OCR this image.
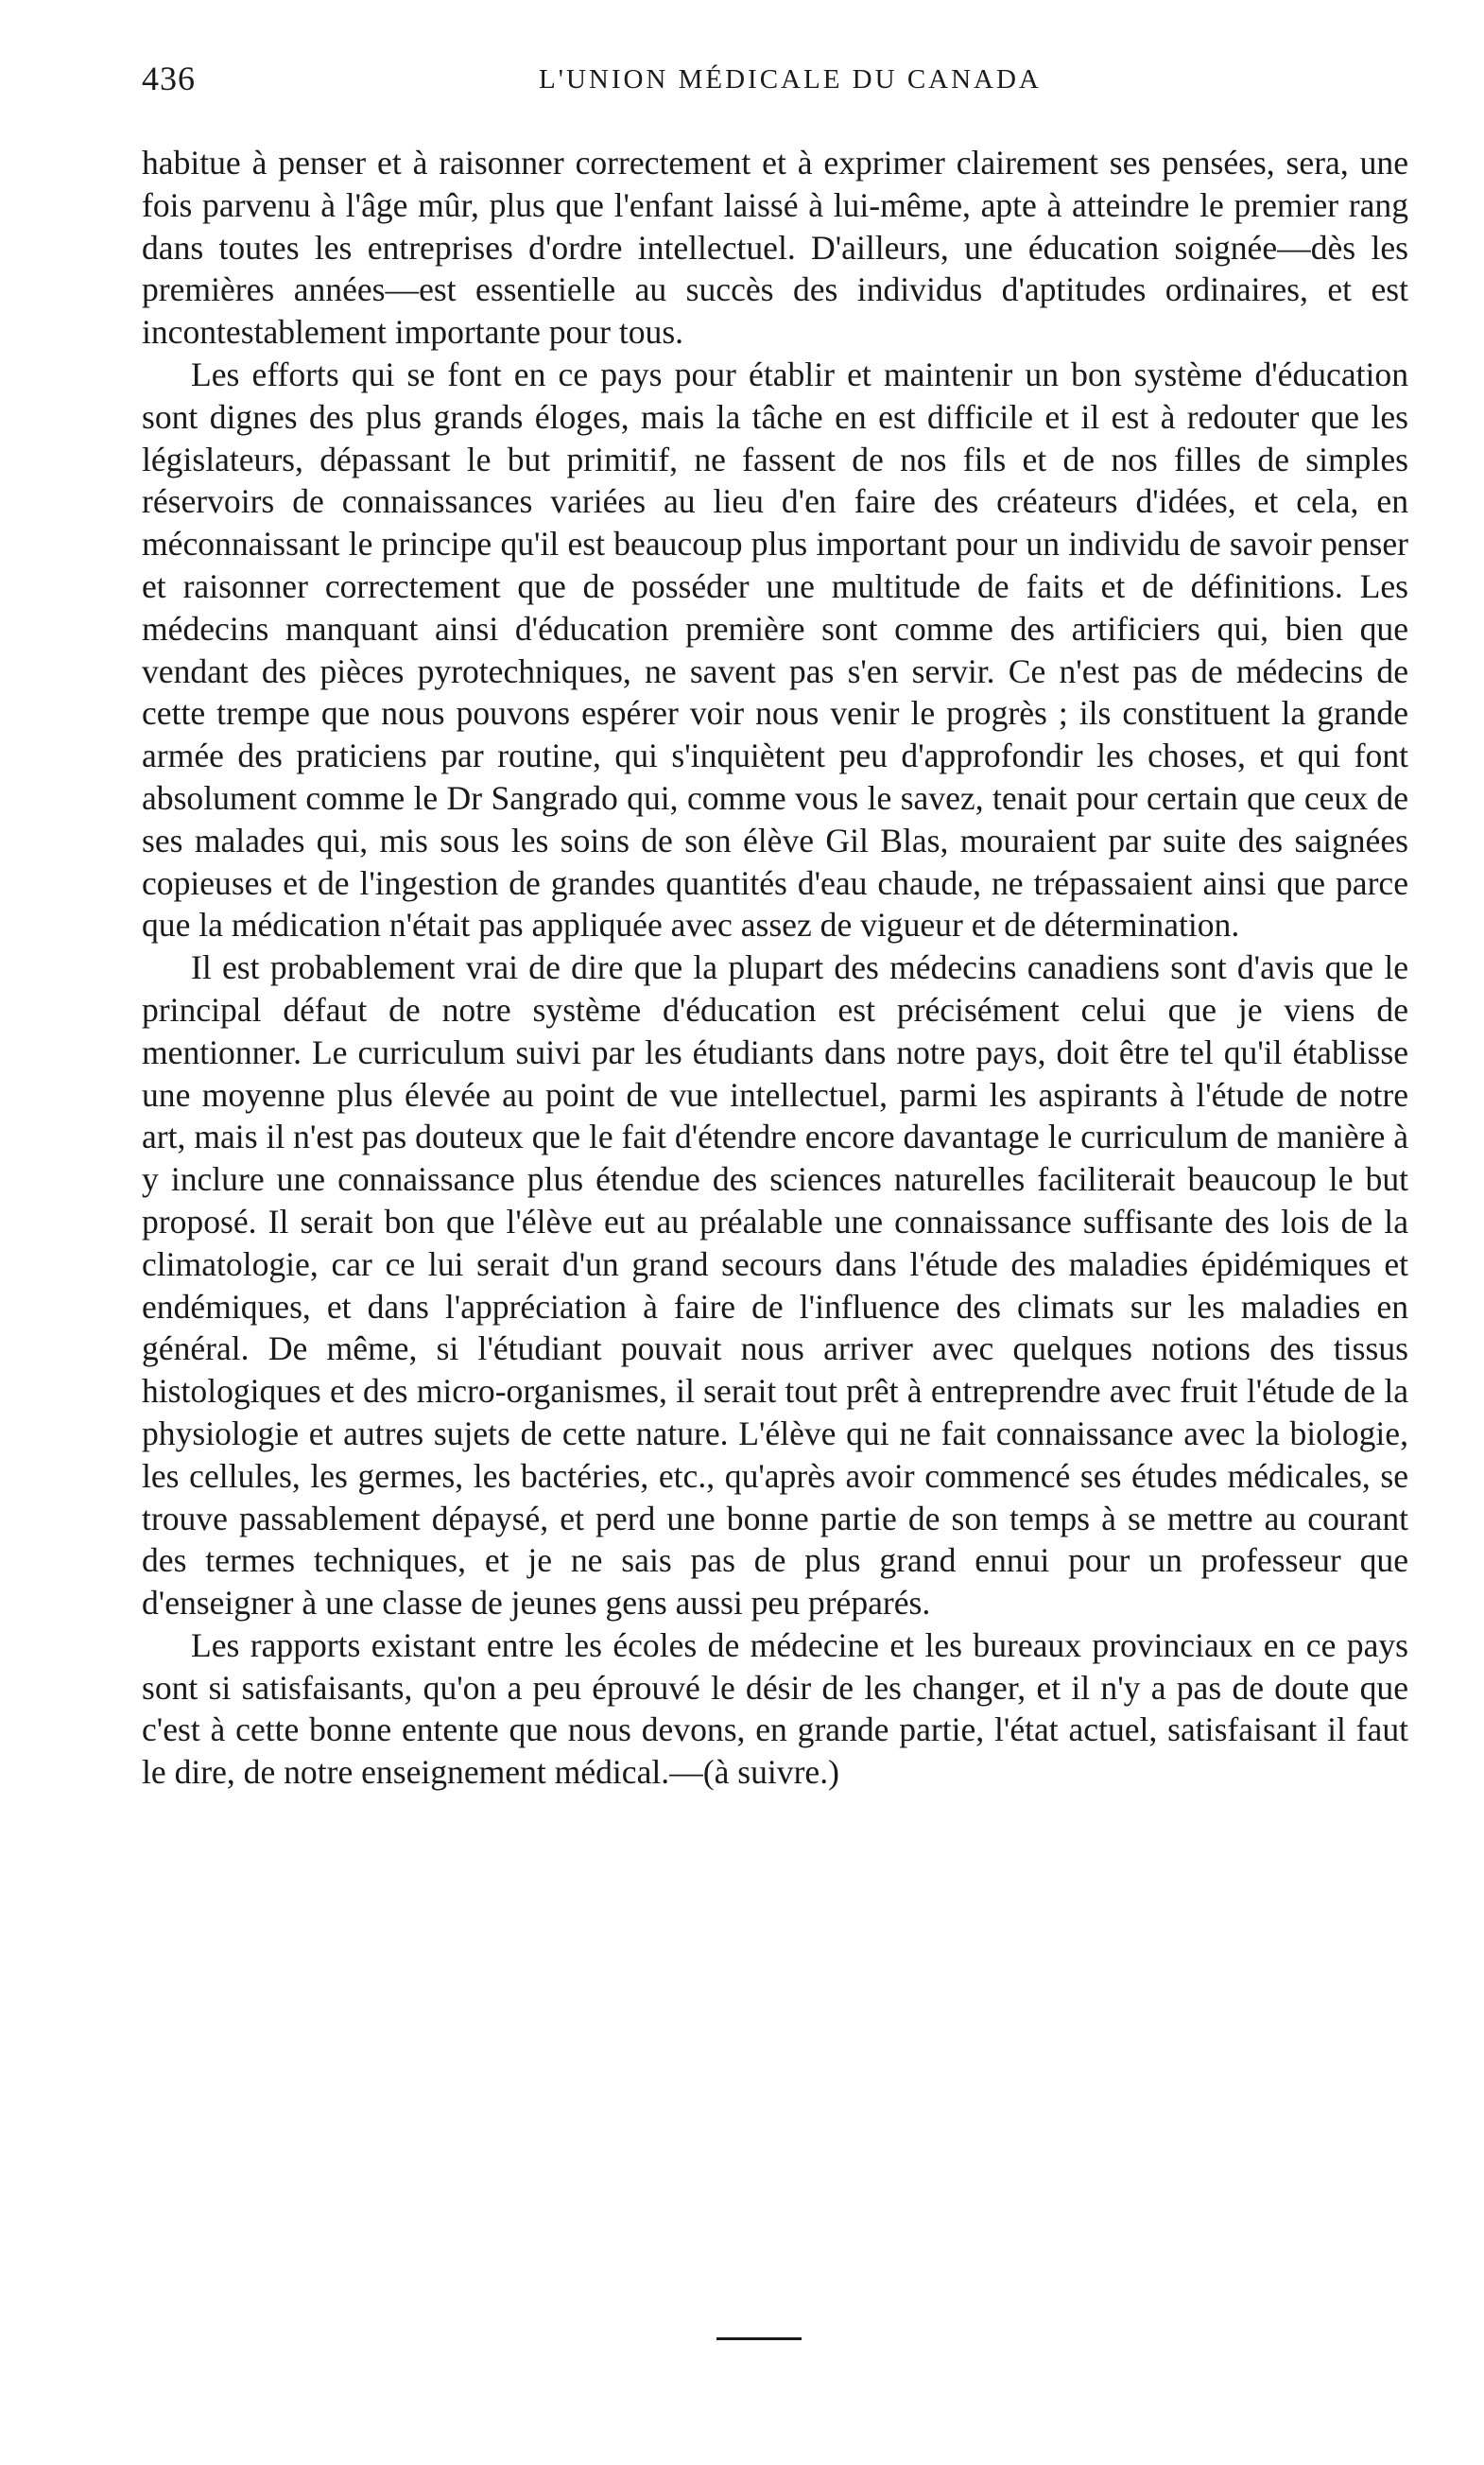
436	L'UNION MÉDICALE DU CANADA

habitue à penser et à raisonner correctement et à exprimer clairement ses pensées, sera, une fois parvenu à l'âge mûr, plus que l'enfant laissé à lui-même, apte à atteindre le premier rang dans toutes les entreprises d'ordre intellectuel. D'ailleurs, une éducation soignée—dès les premières années—est essentielle au succès des individus d'aptitudes ordinaires, et est incontestablement importante pour tous.

Les efforts qui se font en ce pays pour établir et maintenir un bon système d'éducation sont dignes des plus grands éloges, mais la tâche en est difficile et il est à redouter que les législateurs, dépassant le but primitif, ne fassent de nos fils et de nos filles de simples réservoirs de connaissances variées au lieu d'en faire des créateurs d'idées, et cela, en méconnaissant le principe qu'il est beaucoup plus important pour un individu de savoir penser et raisonner correctement que de posséder une multitude de faits et de définitions. Les médecins manquant ainsi d'éducation première sont comme des artificiers qui, bien que vendant des pièces pyrotechniques, ne savent pas s'en servir. Ce n'est pas de médecins de cette trempe que nous pouvons espérer voir nous venir le progrès ; ils constituent la grande armée des praticiens par routine, qui s'inquiètent peu d'approfondir les choses, et qui font absolument comme le Dr Sangrado qui, comme vous le savez, tenait pour certain que ceux de ses malades qui, mis sous les soins de son élève Gil Blas, mouraient par suite des saignées copieuses et de l'ingestion de grandes quantités d'eau chaude, ne trépassaient ainsi que parce que la médication n'était pas appliquée avec assez de vigueur et de détermination.

Il est probablement vrai de dire que la plupart des médecins canadiens sont d'avis que le principal défaut de notre système d'éducation est précisément celui que je viens de mentionner. Le curriculum suivi par les étudiants dans notre pays, doit être tel qu'il établisse une moyenne plus élevée au point de vue intellectuel, parmi les aspirants à l'étude de notre art, mais il n'est pas douteux que le fait d'étendre encore davantage le curriculum de manière à y inclure une connaissance plus étendue des sciences naturelles faciliterait beaucoup le but proposé. Il serait bon que l'élève eut au préalable une connaissance suffisante des lois de la climatologie, car ce lui serait d'un grand secours dans l'étude des maladies épidémiques et endémiques, et dans l'appréciation à faire de l'influence des climats sur les maladies en général. De même, si l'étudiant pouvait nous arriver avec quelques notions des tissus histologiques et des micro-organismes, il serait tout prêt à entreprendre avec fruit l'étude de la physiologie et autres sujets de cette nature. L'élève qui ne fait connaissance avec la biologie, les cellules, les germes, les bactéries, etc., qu'après avoir commencé ses études médicales, se trouve passablement dépaysé, et perd une bonne partie de son temps à se mettre au courant des termes techniques, et je ne sais pas de plus grand ennui pour un professeur que d'enseigner à une classe de jeunes gens aussi peu préparés.

Les rapports existant entre les écoles de médecine et les bureaux provinciaux en ce pays sont si satisfaisants, qu'on a peu éprouvé le désir de les changer, et il n'y a pas de doute que c'est à cette bonne entente que nous devons, en grande partie, l'état actuel, satisfaisant il faut le dire, de notre enseignement médical.—(à suivre.)
